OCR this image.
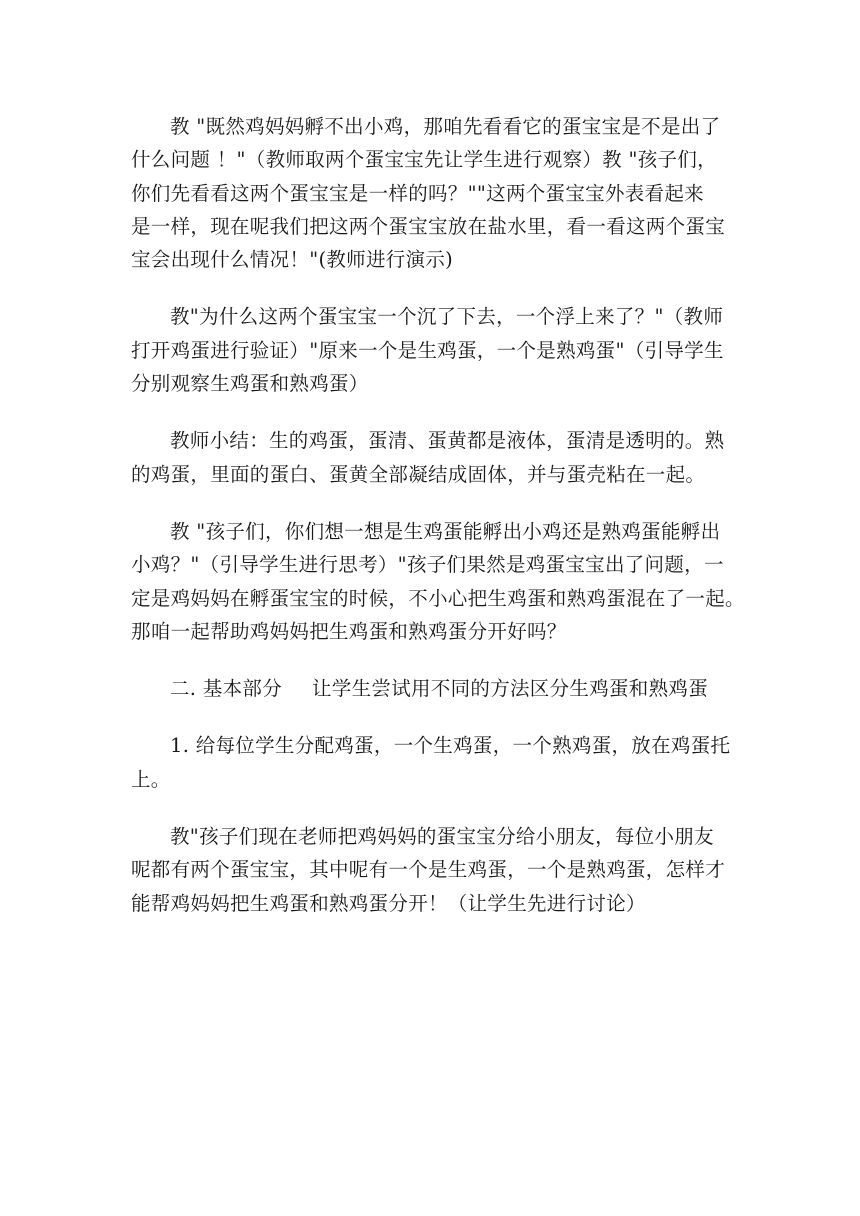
教 "既然鸡妈妈孵不出小鸡，那咱先看看它的蛋宝宝是不是出了
什么问题 ！"（教师取两个蛋宝宝先让学生进行观察）教 "孩子们，
你们先看看这两个蛋宝宝是一样的吗？""这两个蛋宝宝外表看起来
是一样，现在呢我们把这两个蛋宝宝放在盐水里，看一看这两个蛋宝
宝会出现什么情况！"(教师进行演示)

教"为什么这两个蛋宝宝一个沉了下去，一个浮上来了？"（教师
打开鸡蛋进行验证）"原来一个是生鸡蛋，一个是熟鸡蛋"（引导学生
分别观察生鸡蛋和熟鸡蛋）

教师小结：生的鸡蛋，蛋清、蛋黄都是液体，蛋清是透明的。熟
的鸡蛋，里面的蛋白、蛋黄全部凝结成固体，并与蛋壳粘在一起。

教 "孩子们，你们想一想是生鸡蛋能孵出小鸡还是熟鸡蛋能孵出
小鸡？"（引导学生进行思考）"孩子们果然是鸡蛋宝宝出了问题，一
定是鸡妈妈在孵蛋宝宝的时候，不小心把生鸡蛋和熟鸡蛋混在了一起。
那咱一起帮助鸡妈妈把生鸡蛋和熟鸡蛋分开好吗？

二. 基本部分 让学生尝试用不同的方法区分生鸡蛋和熟鸡蛋

1. 给每位学生分配鸡蛋，一个生鸡蛋，一个熟鸡蛋，放在鸡蛋托
上。

教"孩子们现在老师把鸡妈妈的蛋宝宝分给小朋友，每位小朋友
呢都有两个蛋宝宝，其中呢有一个是生鸡蛋，一个是熟鸡蛋，怎样才
能帮鸡妈妈把生鸡蛋和熟鸡蛋分开！（让学生先进行讨论）
